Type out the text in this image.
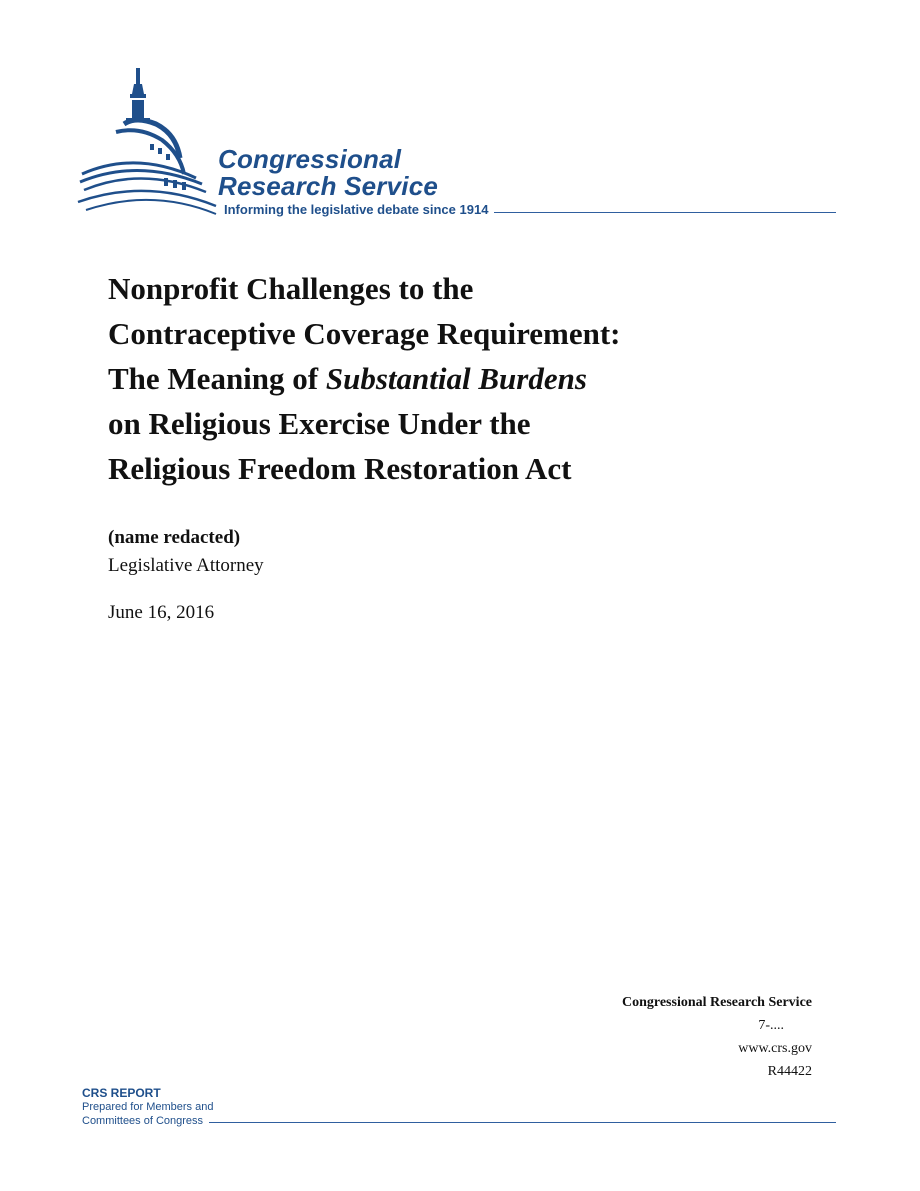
Congressional
Research Service
Informing the legislative debate since 1914
Nonprofit Challenges to the
Contraceptive Coverage Requirement:
The Meaning of Substantial Burdens
on Religious Exercise Under the
Religious Freedom Restoration Act
(name redacted)
Legislative Attorney
June 16, 2016
Congressional Research Service
7-....
www.crs.gov
R44422
CRS REPORT
Prepared for Members and
Committees of Congress
